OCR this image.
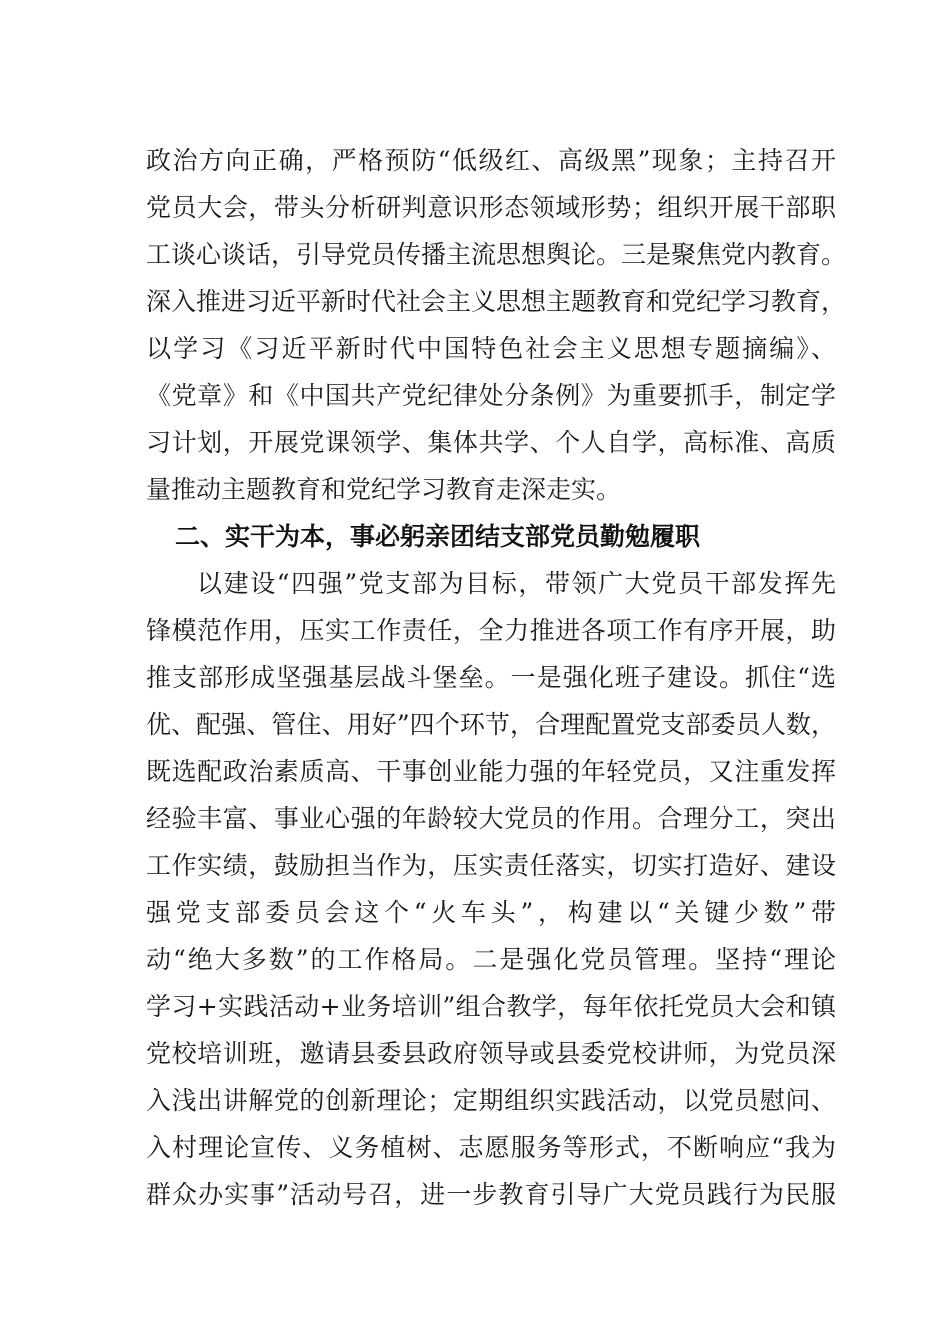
政治方向正确，严格预防“低级红、高级黑”现象；主持召开
党员大会，带头分析研判意识形态领域形势；组织开展干部职
工谈心谈话，引导党员传播主流思想舆论。三是聚焦党内教育。
深入推进习近平新时代社会主义思想主题教育和党纪学习教育，
以学习《习近平新时代中国特色社会主义思想专题摘编》、
《党章》和《中国共产党纪律处分条例》为重要抓手，制定学
习计划，开展党课领学、集体共学、个人自学，高标准、高质
量推动主题教育和党纪学习教育走深走实。
二、实干为本，事必躬亲团结支部党员勤勉履职
以建设“四强”党支部为目标，带领广大党员干部发挥先
锋模范作用，压实工作责任，全力推进各项工作有序开展，助
推支部形成坚强基层战斗堡垒。一是强化班子建设。抓住“选
优、配强、管住、用好”四个环节，合理配置党支部委员人数，
既选配政治素质高、干事创业能力强的年轻党员，又注重发挥
经验丰富、事业心强的年龄较大党员的作用。合理分工，突出
工作实绩，鼓励担当作为，压实责任落实，切实打造好、建设
强党支部委员会这个“火车头”，构建以“关键少数”带
动“绝大多数”的工作格局。二是强化党员管理。坚持“理论
学习+实践活动+业务培训”组合教学，每年依托党员大会和镇
党校培训班，邀请县委县政府领导或县委党校讲师，为党员深
入浅出讲解党的创新理论；定期组织实践活动，以党员慰问、
入村理论宣传、义务植树、志愿服务等形式，不断响应“我为
群众办实事”活动号召，进一步教育引导广大党员践行为民服
